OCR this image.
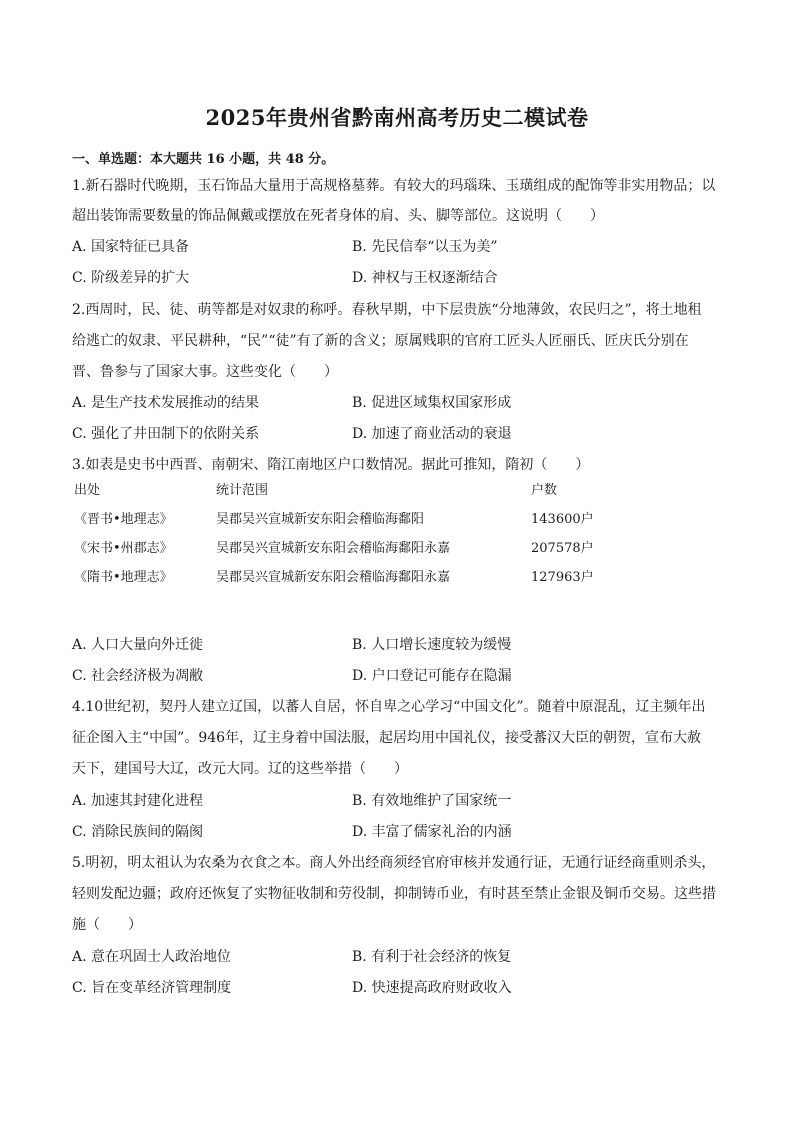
2025年贵州省黔南州高考历史二模试卷
一、单选题：本大题共 16 小题，共 48 分。
1.新石器时代晚期，玉石饰品大量用于高规格墓葬。有较大的玛瑙珠、玉璜组成的配饰等非实用物品；以
超出装饰需要数量的饰品佩戴或摆放在死者身体的肩、头、脚等部位。这说明（　　）
A. 国家特征已具备	B. 先民信奉“以玉为美”
C. 阶级差异的扩大	D. 神权与王权逐渐结合
2.西周时，民、徒、萌等都是对奴隶的称呼。春秋早期，中下层贵族“分地薄敛，农民归之”，将土地租
给逃亡的奴隶、平民耕种，“民”“徒”有了新的含义；原属贱职的官府工匠头人匠丽氏、匠庆氏分别在
晋、鲁参与了国家大事。这些变化（　　）
A. 是生产技术发展推动的结果	B. 促进区域集权国家形成
C. 强化了井田制下的依附关系	D. 加速了商业活动的衰退
3.如表是史书中西晋、南朝宋、隋江南地区户口数情况。据此可推知，隋初（　　）
出处	统计范围	户数
《晋书•地理志》	吴郡吴兴宣城新安东阳会稽临海鄱阳	143600户
《宋书•州郡志》	吴郡吴兴宣城新安东阳会稽临海鄱阳永嘉	207578户
《隋书•地理志》	吴郡吴兴宣城新安东阳会稽临海鄱阳永嘉	127963户
A. 人口大量向外迁徙	B. 人口增长速度较为缓慢
C. 社会经济极为凋敝	D. 户口登记可能存在隐漏
4.10世纪初，契丹人建立辽国，以蕃人自居，怀自卑之心学习“中国文化”。随着中原混乱，辽主频年出
征企图入主“中国”。946年，辽主身着中国法服，起居均用中国礼仪，接受蕃汉大臣的朝贺，宣布大赦
天下，建国号大辽，改元大同。辽的这些举措（　　）
A. 加速其封建化进程	B. 有效地维护了国家统一
C. 消除民族间的隔阂	D. 丰富了儒家礼治的内涵
5.明初，明太祖认为农桑为衣食之本。商人外出经商须经官府审核并发通行证，无通行证经商重则杀头，
轻则发配边疆；政府还恢复了实物征收制和劳役制，抑制铸币业，有时甚至禁止金银及铜币交易。这些措
施（　　）
A. 意在巩固士人政治地位	B. 有利于社会经济的恢复
C. 旨在变革经济管理制度	D. 快速提高政府财政收入
